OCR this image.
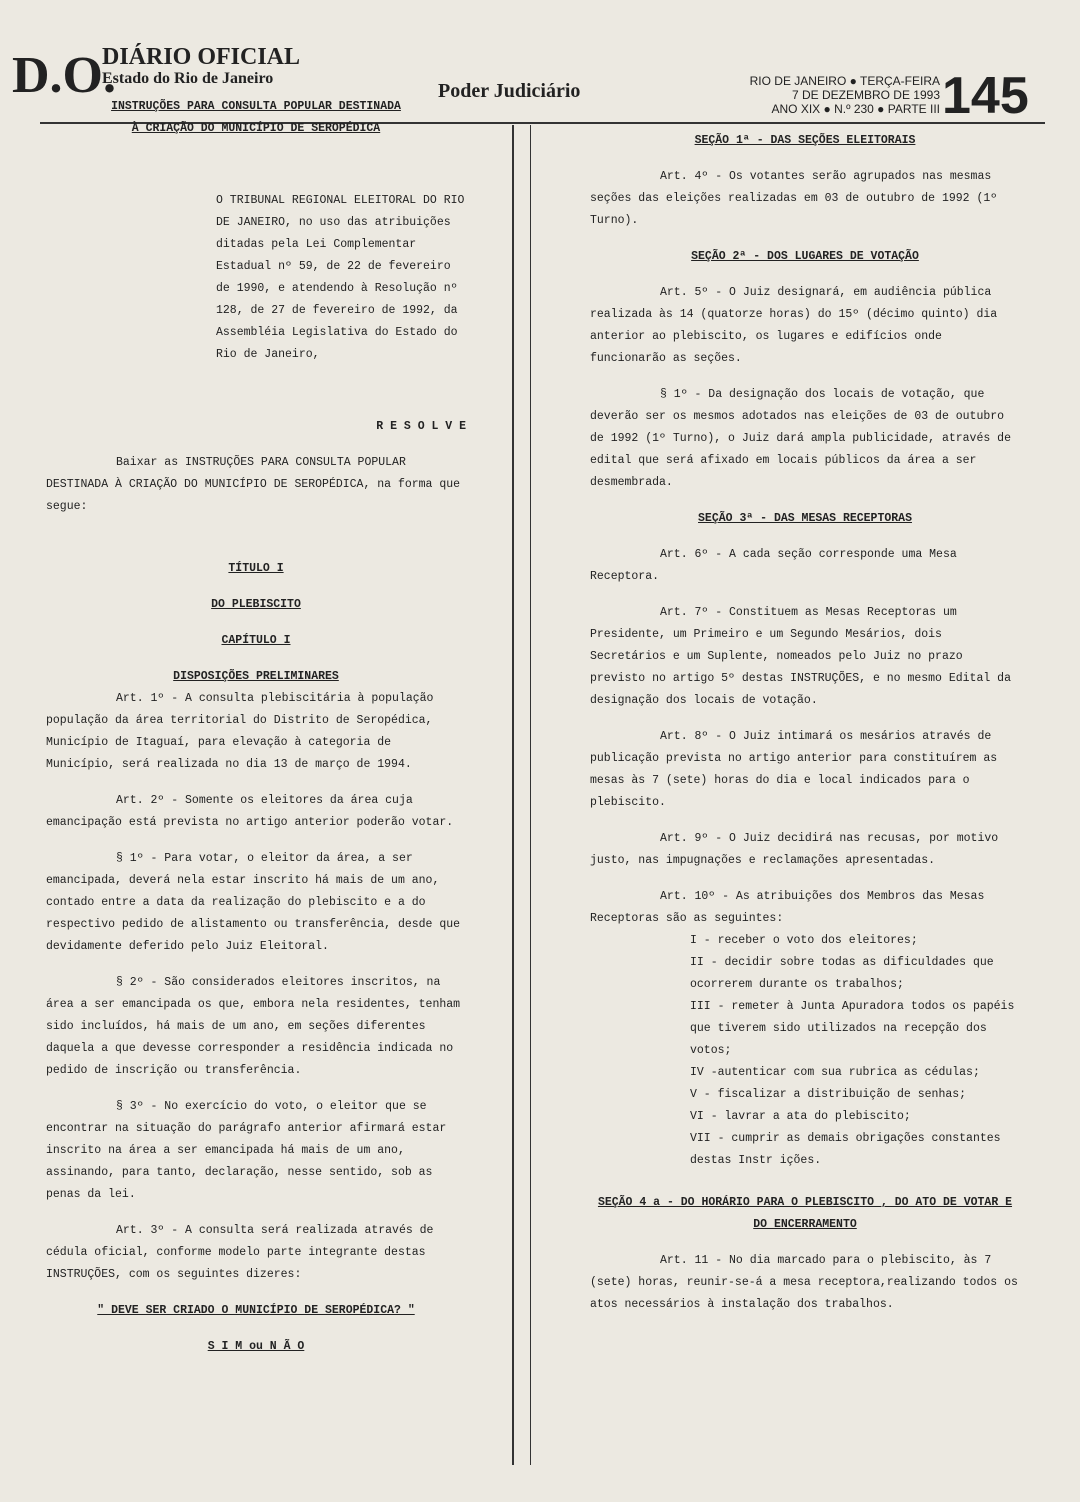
D.O.
DIÁRIO OFICIAL
Estado do Rio de Janeiro
Poder Judiciário	RIO DE JANEIRO ● TERÇA-FEIRA
7 DE DEZEMBRO DE 1993
ANO XIX ● N.º 230 ● PARTE III 145

INSTRUÇÕES PARA CONSULTA POPULAR DESTINADA

À CRIAÇÃO DO MUNICÍPIO DE SEROPÉDICA

O TRIBUNAL REGIONAL ELEITORAL DO RIO DE JANEIRO, no uso das atribuições ditadas pela Lei Complementar Estadual nº 59, de 22 de fevereiro de 1990, e atendendo à Resolução nº 128, de 27 de fevereiro de 1992, da Assembléia Legislativa do Estado do Rio de Janeiro,

R E S O L V E

Baixar as INSTRUÇÕES PARA CONSULTA POPULAR DESTINADA À CRIAÇÃO DO MUNICÍPIO DE SEROPÉDICA, na forma que segue:

TÍTULO I

DO PLEBISCITO

CAPÍTULO I

DISPOSIÇÕES PRELIMINARES

Art. 1º - A consulta plebiscitária à população população da área territorial do Distrito de Seropédica, Município de Itaguaí, para elevação à categoria de Município, será realizada no dia 13 de março de 1994.

Art. 2º - Somente os eleitores da área cuja emancipação está prevista no artigo anterior poderão votar.

§ 1º - Para votar, o eleitor da área, a ser emancipada, deverá nela estar inscrito há mais de um ano, contado entre a data da realização do plebiscito e a do respectivo pedido de alistamento ou transferência, desde que devidamente deferido pelo Juiz Eleitoral.

§ 2º - São considerados eleitores inscritos, na área a ser emancipada os que, embora nela residentes, tenham sido incluídos, há mais de um ano, em seções diferentes daquela a que devesse corresponder a residência indicada no pedido de inscrição ou transferência.

§ 3º - No exercício do voto, o eleitor que se encontrar na situação do parágrafo anterior afirmará estar inscrito na área a ser emancipada há mais de um ano, assinando, para tanto, declaração, nesse sentido, sob as penas da lei.

Art. 3º - A consulta será realizada através de cédula oficial, conforme modelo parte integrante destas INSTRUÇÕES, com os seguintes dizeres:

" DEVE SER CRIADO O MUNICÍPIO DE SEROPÉDICA? "

S I M ou N Ã O

SEÇÃO 1ª - DAS SEÇÕES ELEITORAIS

Art. 4º - Os votantes serão agrupados nas mesmas seções das eleições realizadas em 03 de outubro de 1992 (1º Turno).

SEÇÃO 2ª - DOS LUGARES DE VOTAÇÃO

Art. 5º - O Juiz designará, em audiência pública realizada às 14 (quatorze horas) do 15º (décimo quinto) dia anterior ao plebiscito, os lugares e edifícios onde funcionarão as seções.

§ 1º - Da designação dos locais de votação, que deverão ser os mesmos adotados nas eleições de 03 de outubro de 1992 (1º Turno), o Juiz dará ampla publicidade, através de edital que será afixado em locais públicos da área a ser desmembrada.

SEÇÃO 3ª - DAS MESAS RECEPTORAS

Art. 6º - A cada seção corresponde uma Mesa Receptora.

Art. 7º - Constituem as Mesas Receptoras um Presidente, um Primeiro e um Segundo Mesários, dois Secretários e um Suplente, nomeados pelo Juiz no prazo previsto no artigo 5º destas INSTRUÇÕES, e no mesmo Edital da designação dos locais de votação.

Art. 8º - O Juiz intimará os mesários através de publicação prevista no artigo anterior para constituírem as mesas às 7 (sete) horas do dia e local indicados para o plebiscito.

Art. 9º - O Juiz decidirá nas recusas, por motivo justo, nas impugnações e reclamações apresentadas.

Art. 10º - As atribuições dos Membros das Mesas Receptoras são as seguintes:

I - receber o voto dos eleitores;
II - decidir sobre todas as dificuldades que ocorrerem durante os trabalhos;
III - remeter à Junta Apuradora todos os papéis que tiverem sido utilizados na recepção dos votos;
IV -autenticar com sua rubrica as cédulas;
V - fiscalizar a distribuição de senhas;
VI - lavrar a ata do plebiscito;
VII - cumprir as demais obrigações constantes destas Instr ições.

SEÇÃO 4 a - DO HORÁRIO PARA O PLEBISCITO , DO ATO DE VOTAR E DO ENCERRAMENTO

Art. 11 - No dia marcado para o plebiscito, às 7 (sete) horas, reunir-se-á a mesa receptora,realizando todos os atos necessários à instalação dos trabalhos.
